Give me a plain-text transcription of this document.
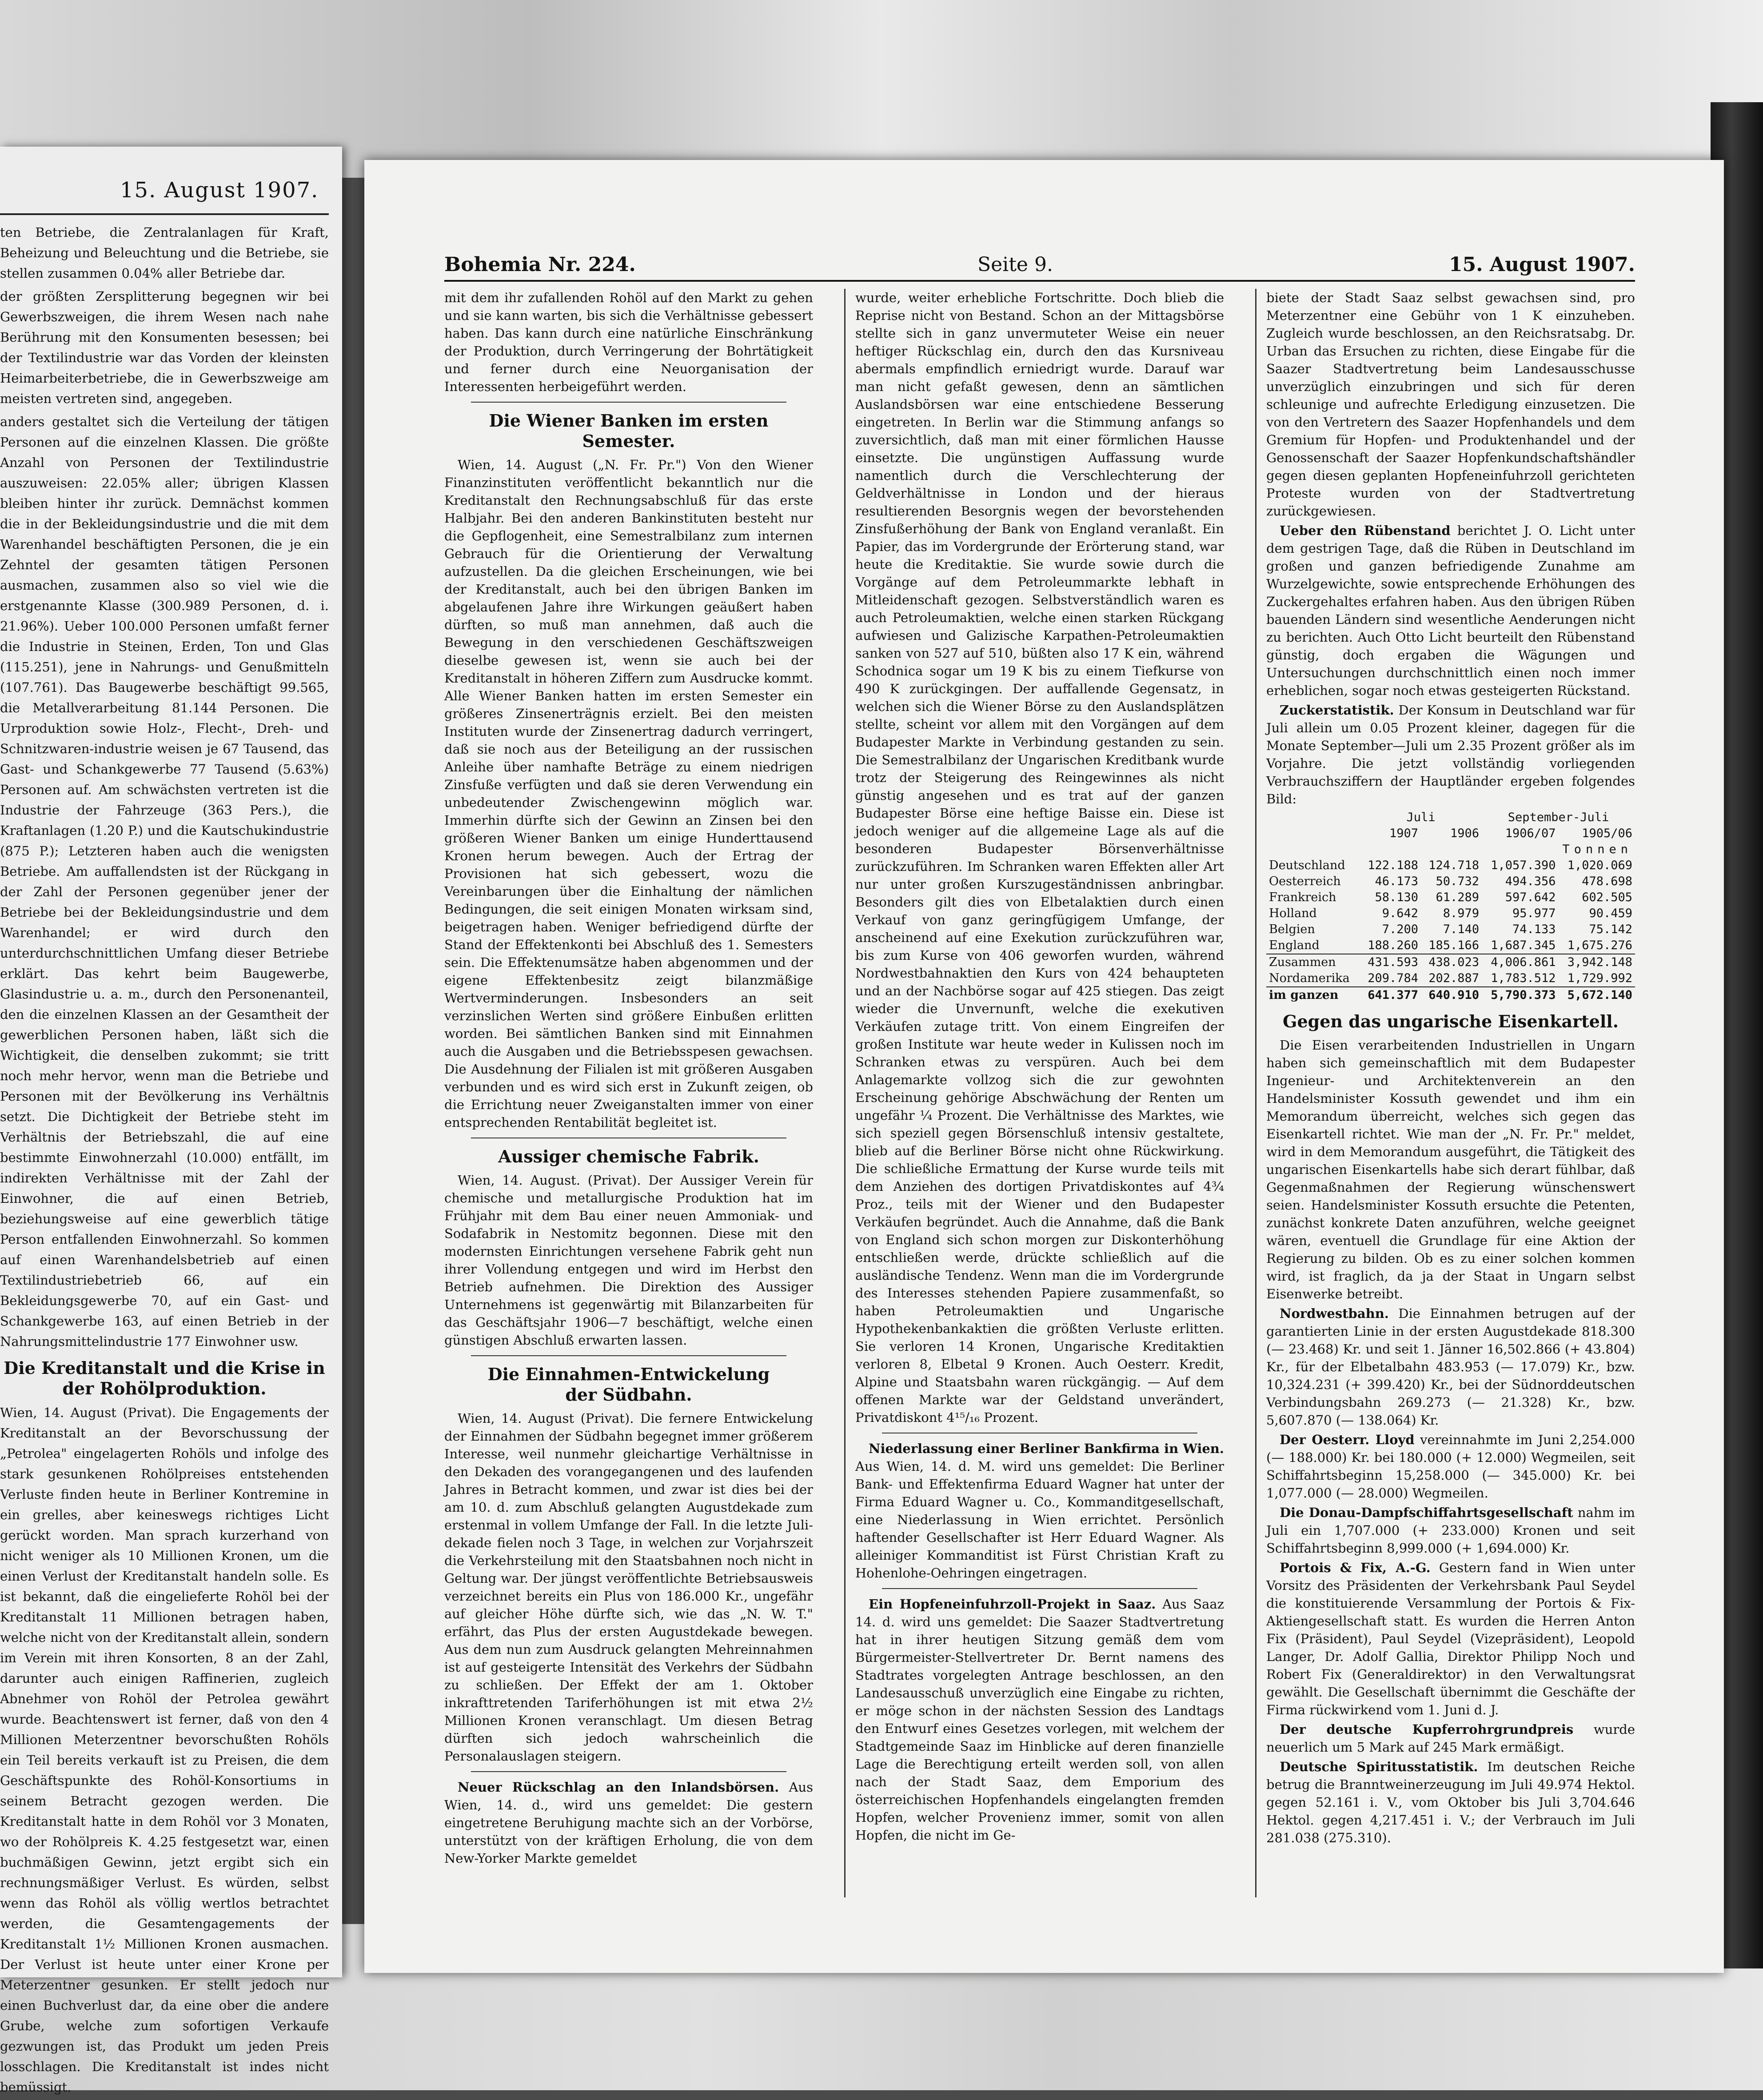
15. August 1907.

ten Betriebe, die Zentralanlagen für Kraft, Beheizung und Beleuchtung und die Betriebe, sie stellen zusammen 0.04% aller Betriebe dar.

der größten Zersplitterung begegnen wir bei Gewerbszweigen, die ihrem Wesen nach nahe Berührung mit den Konsumenten besessen; bei der Textilindustrie war das Vorden der kleinsten Heimarbeiterbetriebe, die in Gewerbszweige am meisten vertreten sind, angegeben.

anders gestaltet sich die Verteilung der tätigen Personen auf die einzelnen Klassen. Die größte Anzahl von Personen der Textilindustrie auszuweisen: 22.05% aller; übrigen Klassen bleiben hinter ihr zurück. Demnächst kommen die in der Bekleidungsindustrie und die mit dem Warenhandel beschäftigten Personen, die je ein Zehntel der gesamten tätigen Personen ausmachen, zusammen also so viel wie die erstgenannte Klasse (300.989 Personen, d. i. 21.96%). Ueber 100.000 Personen umfaßt ferner die Industrie in Steinen, Erden, Ton und Glas (115.251), jene in Nahrungs- und Genußmitteln (107.761). Das Baugewerbe beschäftigt 99.565, die Metallverarbeitung 81.144 Personen. Die Urproduktion sowie Holz-, Flecht-, Dreh- und Schnitzwaren-industrie weisen je 67 Tausend, das Gast- und Schankgewerbe 77 Tausend (5.63%) Personen auf. Am schwächsten vertreten ist die Industrie der Fahrzeuge (363 Pers.), die Kraftanlagen (1.20 P.) und die Kautschukindustrie (875 P.); Letzteren haben auch die wenigsten Betriebe. Am auffallendsten ist der Rückgang in der Zahl der Personen gegenüber jener der Betriebe bei der Bekleidungsindustrie und dem Warenhandel; er wird durch den unterdurchschnittlichen Umfang dieser Betriebe erklärt. Das kehrt beim Baugewerbe, Glasindustrie u. a. m., durch den Personenanteil, den die einzelnen Klassen an der Gesamtheit der gewerblichen Personen haben, läßt sich die Wichtigkeit, die denselben zukommt; sie tritt noch mehr hervor, wenn man die Betriebe und Personen mit der Bevölkerung ins Verhältnis setzt. Die Dichtigkeit der Betriebe steht im Verhältnis der Betriebszahl, die auf eine bestimmte Einwohnerzahl (10.000) entfällt, im indirekten Verhältnisse mit der Zahl der Einwohner, die auf einen Betrieb, beziehungsweise auf eine gewerblich tätige Person entfallenden Einwohnerzahl. So kommen auf einen Warenhandelsbetrieb auf einen Textilindustriebetrieb 66, auf ein Bekleidungsgewerbe 70, auf ein Gast- und Schankgewerbe 163, auf einen Betrieb in der Nahrungsmittelindustrie 177 Einwohner usw.

Die Kreditanstalt und die Krise in der Rohölproduktion.

Wien, 14. August (Privat). Die Engagements der Kreditanstalt an der Bevorschussung der „Petrolea" eingelagerten Rohöls und infolge des stark gesunkenen Rohölpreises entstehenden Verluste finden heute in Berliner Kontremine in ein grelles, aber keineswegs richtiges Licht gerückt worden. Man sprach kurzerhand von nicht weniger als 10 Millionen Kronen, um die einen Verlust der Kreditanstalt handeln solle. Es ist bekannt, daß die eingelieferte Rohöl bei der Kreditanstalt 11 Millionen betragen haben, welche nicht von der Kreditanstalt allein, sondern im Verein mit ihren Konsorten, 8 an der Zahl, darunter auch einigen Raffinerien, zugleich Abnehmer von Rohöl der Petrolea gewährt wurde. Beachtenswert ist ferner, daß von den 4 Millionen Meterzentner bevorschußten Rohöls ein Teil bereits verkauft ist zu Preisen, die dem Geschäftspunkte des Rohöl-Konsortiums in seinem Betracht gezogen werden. Die Kreditanstalt hatte in dem Rohöl vor 3 Monaten, wo der Rohölpreis K. 4.25 festgesetzt war, einen buchmäßigen Gewinn, jetzt ergibt sich ein rechnungsmäßiger Verlust. Es würden, selbst wenn das Rohöl als völlig wertlos betrachtet werden, die Gesamtengagements der Kreditanstalt 1½ Millionen Kronen ausmachen. Der Verlust ist heute unter einer Krone per Meterzentner gesunken. Er stellt jedoch nur einen Buchverlust dar, da eine ober die andere Grube, welche zum sofortigen Verkaufe gezwungen ist, das Produkt um jeden Preis losschlagen. Die Kreditanstalt ist indes nicht bemüssigt.

Bohemia Nr. 224.	Seite 9.	15. August 1907.

mit dem ihr zufallenden Rohöl auf den Markt zu gehen und sie kann warten, bis sich die Verhältnisse gebessert haben. Das kann durch eine natürliche Einschränkung der Produktion, durch Verringerung der Bohrtätigkeit und ferner durch eine Neuorganisation der Interessenten herbeigeführt werden.

Die Wiener Banken im ersten
Semester.

Wien, 14. August („N. Fr. Pr.") Von den Wiener Finanzinstituten veröffentlicht bekanntlich nur die Kreditanstalt den Rechnungsabschluß für das erste Halbjahr. Bei den anderen Bankinstituten besteht nur die Gepflogenheit, eine Semestralbilanz zum internen Gebrauch für die Orientierung der Verwaltung aufzustellen. Da die gleichen Erscheinungen, wie bei der Kreditanstalt, auch bei den übrigen Banken im abgelaufenen Jahre ihre Wirkungen geäußert haben dürften, so muß man annehmen, daß auch die Bewegung in den verschiedenen Geschäftszweigen dieselbe gewesen ist, wenn sie auch bei der Kreditanstalt in höheren Ziffern zum Ausdrucke kommt. Alle Wiener Banken hatten im ersten Semester ein größeres Zinsenerträgnis erzielt. Bei den meisten Instituten wurde der Zinsenertrag dadurch verringert, daß sie noch aus der Beteiligung an der russischen Anleihe über namhafte Beträge zu einem niedrigen Zinsfuße verfügten und daß sie deren Verwendung ein unbedeutender Zwischengewinn möglich war. Immerhin dürfte sich der Gewinn an Zinsen bei den größeren Wiener Banken um einige Hunderttausend Kronen herum bewegen. Auch der Ertrag der Provisionen hat sich gebessert, wozu die Vereinbarungen über die Einhaltung der nämlichen Bedingungen, die seit einigen Monaten wirksam sind, beigetragen haben. Weniger befriedigend dürfte der Stand der Effektenkonti bei Abschluß des 1. Semesters sein. Die Effektenumsätze haben abgenommen und der eigene Effektenbesitz zeigt bilanzmäßige Wertverminderungen. Insbesonders an seit verzinslichen Werten sind größere Einbußen erlitten worden. Bei sämtlichen Banken sind mit Einnahmen auch die Ausgaben und die Betriebsspesen gewachsen. Die Ausdehnung der Filialen ist mit größeren Ausgaben verbunden und es wird sich erst in Zukunft zeigen, ob die Errichtung neuer Zweiganstalten immer von einer entsprechenden Rentabilität begleitet ist.

Aussiger chemische Fabrik.

Wien, 14. August. (Privat). Der Aussiger Verein für chemische und metallurgische Produktion hat im Frühjahr mit dem Bau einer neuen Ammoniak- und Sodafabrik in Nestomitz begonnen. Diese mit den modernsten Einrichtungen versehene Fabrik geht nun ihrer Vollendung entgegen und wird im Herbst den Betrieb aufnehmen. Die Direktion des Aussiger Unternehmens ist gegenwärtig mit Bilanzarbeiten für das Geschäftsjahr 1906—7 beschäftigt, welche einen günstigen Abschluß erwarten lassen.

Die Einnahmen-Entwickelung
der Südbahn.

Wien, 14. August (Privat). Die fernere Entwickelung der Einnahmen der Südbahn begegnet immer größerem Interesse, weil nunmehr gleichartige Verhältnisse in den Dekaden des vorangegangenen und des laufenden Jahres in Betracht kommen, und zwar ist dies bei der am 10. d. zum Abschluß gelangten Augustdekade zum erstenmal in vollem Umfange der Fall. In die letzte Juli-dekade fielen noch 3 Tage, in welchen zur Vorjahrszeit die Verkehrsteilung mit den Staatsbahnen noch nicht in Geltung war. Der jüngst veröffentlichte Betriebsausweis verzeichnet bereits ein Plus von 186.000 Kr., ungefähr auf gleicher Höhe dürfte sich, wie das „N. W. T." erfährt, das Plus der ersten Augustdekade bewegen. Aus dem nun zum Ausdruck gelangten Mehreinnahmen ist auf gesteigerte Intensität des Verkehrs der Südbahn zu schließen. Der Effekt der am 1. Oktober inkrafttretenden Tariferhöhungen ist mit etwa 2½ Millionen Kronen veranschlagt. Um diesen Betrag dürften sich jedoch wahrscheinlich die Personalauslagen steigern.

Neuer Rückschlag an den Inlandsbörsen. Aus Wien, 14. d., wird uns gemeldet: Die gestern eingetretene Beruhigung machte sich an der Vorbörse, unterstützt von der kräftigen Erholung, die von dem New-Yorker Markte gemeldet

wurde, weiter erhebliche Fortschritte. Doch blieb die Reprise nicht von Bestand. Schon an der Mittagsbörse stellte sich in ganz unvermuteter Weise ein neuer heftiger Rückschlag ein, durch den das Kursniveau abermals empfindlich erniedrigt wurde. Darauf war man nicht gefaßt gewesen, denn an sämtlichen Auslandsbörsen war eine entschiedene Besserung eingetreten. In Berlin war die Stimmung anfangs so zuversichtlich, daß man mit einer förmlichen Hausse einsetzte. Die ungünstigen Auffassung wurde namentlich durch die Verschlechterung der Geldverhältnisse in London und der hieraus resultierenden Besorgnis wegen der bevorstehenden Zinsfußerhöhung der Bank von England veranlaßt. Ein Papier, das im Vordergrunde der Erörterung stand, war heute die Kreditaktie. Sie wurde sowie durch die Vorgänge auf dem Petroleummarkte lebhaft in Mitleidenschaft gezogen. Selbstverständlich waren es auch Petroleumaktien, welche einen starken Rückgang aufwiesen und Galizische Karpathen-Petroleumaktien sanken von 527 auf 510, büßten also 17 K ein, während Schodnica sogar um 19 K bis zu einem Tiefkurse von 490 K zurückgingen. Der auffallende Gegensatz, in welchen sich die Wiener Börse zu den Auslandsplätzen stellte, scheint vor allem mit den Vorgängen auf dem Budapester Markte in Verbindung gestanden zu sein. Die Semestralbilanz der Ungarischen Kreditbank wurde trotz der Steigerung des Reingewinnes als nicht günstig angesehen und es trat auf der ganzen Budapester Börse eine heftige Baisse ein. Diese ist jedoch weniger auf die allgemeine Lage als auf die besonderen Budapester Börsenverhältnisse zurückzuführen. Im Schranken waren Effekten aller Art nur unter großen Kurszugeständnissen anbringbar. Besonders gilt dies von Elbetalaktien durch einen Verkauf von ganz geringfügigem Umfange, der anscheinend auf eine Exekution zurückzuführen war, bis zum Kurse von 406 geworfen wurden, während Nordwestbahnaktien den Kurs von 424 behaupteten und an der Nachbörse sogar auf 425 stiegen. Das zeigt wieder die Unvernunft, welche die exekutiven Verkäufen zutage tritt. Von einem Eingreifen der großen Institute war heute weder in Kulissen noch im Schranken etwas zu verspüren. Auch bei dem Anlagemarkte vollzog sich die zur gewohnten Erscheinung gehörige Abschwächung der Renten um ungefähr ¼ Prozent. Die Verhältnisse des Marktes, wie sich speziell gegen Börsenschluß intensiv gestaltete, blieb auf die Berliner Börse nicht ohne Rückwirkung. Die schließliche Ermattung der Kurse wurde teils mit dem Anziehen des dortigen Privatdiskontes auf 4¾ Proz., teils mit der Wiener und den Budapester Verkäufen begründet. Auch die Annahme, daß die Bank von England sich schon morgen zur Diskonterhöhung entschließen werde, drückte schließlich auf die ausländische Tendenz. Wenn man die im Vordergrunde des Interesses stehenden Papiere zusammenfaßt, so haben Petroleumaktien und Ungarische Hypothekenbankaktien die größten Verluste erlitten. Sie verloren 14 Kronen, Ungarische Kreditaktien verloren 8, Elbetal 9 Kronen. Auch Oesterr. Kredit, Alpine und Staatsbahn waren rückgängig. — Auf dem offenen Markte war der Geldstand unverändert, Privatdiskont 4¹⁵/₁₆ Prozent.

Niederlassung einer Berliner Bankfirma in Wien. Aus Wien, 14. d. M. wird uns gemeldet: Die Berliner Bank- und Effektenfirma Eduard Wagner hat unter der Firma Eduard Wagner u. Co., Kommanditgesellschaft, eine Niederlassung in Wien errichtet. Persönlich haftender Gesellschafter ist Herr Eduard Wagner. Als alleiniger Kommanditist ist Fürst Christian Kraft zu Hohenlohe-Oehringen eingetragen.

Ein Hopfeneinfuhrzoll-Projekt in Saaz. Aus Saaz 14. d. wird uns gemeldet: Die Saazer Stadtvertretung hat in ihrer heutigen Sitzung gemäß dem vom Bürgermeister-Stellvertreter Dr. Bernt namens des Stadtrates vorgelegten Antrage beschlossen, an den Landesausschuß unverzüglich eine Eingabe zu richten, er möge schon in der nächsten Session des Landtags den Entwurf eines Gesetzes vorlegen, mit welchem der Stadtgemeinde Saaz im Hinblicke auf deren finanzielle Lage die Berechtigung erteilt werden soll, von allen nach der Stadt Saaz, dem Emporium des österreichischen Hopfenhandels eingelangten fremden Hopfen, welcher Provenienz immer, somit von allen Hopfen, die nicht im Ge-

biete der Stadt Saaz selbst gewachsen sind, pro Meterzentner eine Gebühr von 1 K einzuheben. Zugleich wurde beschlossen, an den Reichsratsabg. Dr. Urban das Ersuchen zu richten, diese Eingabe für die Saazer Stadtvertretung beim Landesausschusse unverzüglich einzubringen und sich für deren schleunige und aufrechte Erledigung einzusetzen. Die von den Vertretern des Saazer Hopfenhandels und dem Gremium für Hopfen- und Produktenhandel und der Genossenschaft der Saazer Hopfenkundschaftshändler gegen diesen geplanten Hopfeneinfuhrzoll gerichteten Proteste wurden von der Stadtvertretung zurückgewiesen.

Ueber den Rübenstand berichtet J. O. Licht unter dem gestrigen Tage, daß die Rüben in Deutschland im großen und ganzen befriedigende Zunahme am Wurzelgewichte, sowie entsprechende Erhöhungen des Zuckergehaltes erfahren haben. Aus den übrigen Rüben bauenden Ländern sind wesentliche Aenderungen nicht zu berichten. Auch Otto Licht beurteilt den Rübenstand günstig, doch ergaben die Wägungen und Untersuchungen durchschnittlich einen noch immer erheblichen, sogar noch etwas gesteigerten Rückstand.

Zuckerstatistik. Der Konsum in Deutschland war für Juli allein um 0.05 Prozent kleiner, dagegen für die Monate September—Juli um 2.35 Prozent größer als im Vorjahre. Die jetzt vollständig vorliegenden Verbrauchsziffern der Hauptländer ergeben folgendes Bild:

	Juli		September-Juli	
	1907	1906	1906/07	1905/06
Tonnen				
Deutschland	122.188	124.718	1,057.390	1,020.069
Oesterreich	46.173	50.732	494.356	478.698
Frankreich	58.130	61.289	597.642	602.505
Holland	9.642	8.979	95.977	90.459
Belgien	7.200	7.140	74.133	75.142
England	188.260	185.166	1,687.345	1,675.276
Zusammen	431.593	438.023	4,006.861	3,942.148
Nordamerika	209.784	202.887	1,783.512	1,729.992
im ganzen	641.377	640.910	5,790.373	5,672.140
Gegen das ungarische Eisenkartell.

Die Eisen verarbeitenden Industriellen in Ungarn haben sich gemeinschaftlich mit dem Budapester Ingenieur- und Architektenverein an den Handelsminister Kossuth gewendet und ihm ein Memorandum überreicht, welches sich gegen das Eisenkartell richtet. Wie man der „N. Fr. Pr." meldet, wird in dem Memorandum ausgeführt, die Tätigkeit des ungarischen Eisenkartells habe sich derart fühlbar, daß Gegenmaßnahmen der Regierung wünschenswert seien. Handelsminister Kossuth ersuchte die Petenten, zunächst konkrete Daten anzuführen, welche geeignet wären, eventuell die Grundlage für eine Aktion der Regierung zu bilden. Ob es zu einer solchen kommen wird, ist fraglich, da ja der Staat in Ungarn selbst Eisenwerke betreibt.

Nordwestbahn. Die Einnahmen betrugen auf der garantierten Linie in der ersten Augustdekade 818.300 (— 23.468) Kr. und seit 1. Jänner 16,502.866 (+ 43.804) Kr., für der Elbetalbahn 483.953 (— 17.079) Kr., bzw. 10,324.231 (+ 399.420) Kr., bei der Südnorddeutschen Verbindungsbahn 269.273 (— 21.328) Kr., bzw. 5,607.870 (— 138.064) Kr.

Der Oesterr. Lloyd vereinnahmte im Juni 2,254.000 (— 188.000) Kr. bei 180.000 (+ 12.000) Wegmeilen, seit Schiffahrtsbeginn 15,258.000 (— 345.000) Kr. bei 1,077.000 (— 28.000) Wegmeilen.

Die Donau-Dampfschiffahrtsgesellschaft nahm im Juli ein 1,707.000 (+ 233.000) Kronen und seit Schiffahrtsbeginn 8,999.000 (+ 1,694.000) Kr.

Portois & Fix, A.-G. Gestern fand in Wien unter Vorsitz des Präsidenten der Verkehrsbank Paul Seydel die konstituierende Versammlung der Portois & Fix-Aktiengesellschaft statt. Es wurden die Herren Anton Fix (Präsident), Paul Seydel (Vizepräsident), Leopold Langer, Dr. Adolf Gallia, Direktor Philipp Noch und Robert Fix (Generaldirektor) in den Verwaltungsrat gewählt. Die Gesellschaft übernimmt die Geschäfte der Firma rückwirkend vom 1. Juni d. J.

Der deutsche Kupferrohrgrundpreis wurde neuerlich um 5 Mark auf 245 Mark ermäßigt.

Deutsche Spiritusstatistik. Im deutschen Reiche betrug die Branntweinerzeugung im Juli 49.974 Hektol. gegen 52.161 i. V., vom Oktober bis Juli 3,704.646 Hektol. gegen 4,217.451 i. V.; der Verbrauch im Juli 281.038 (275.310).
